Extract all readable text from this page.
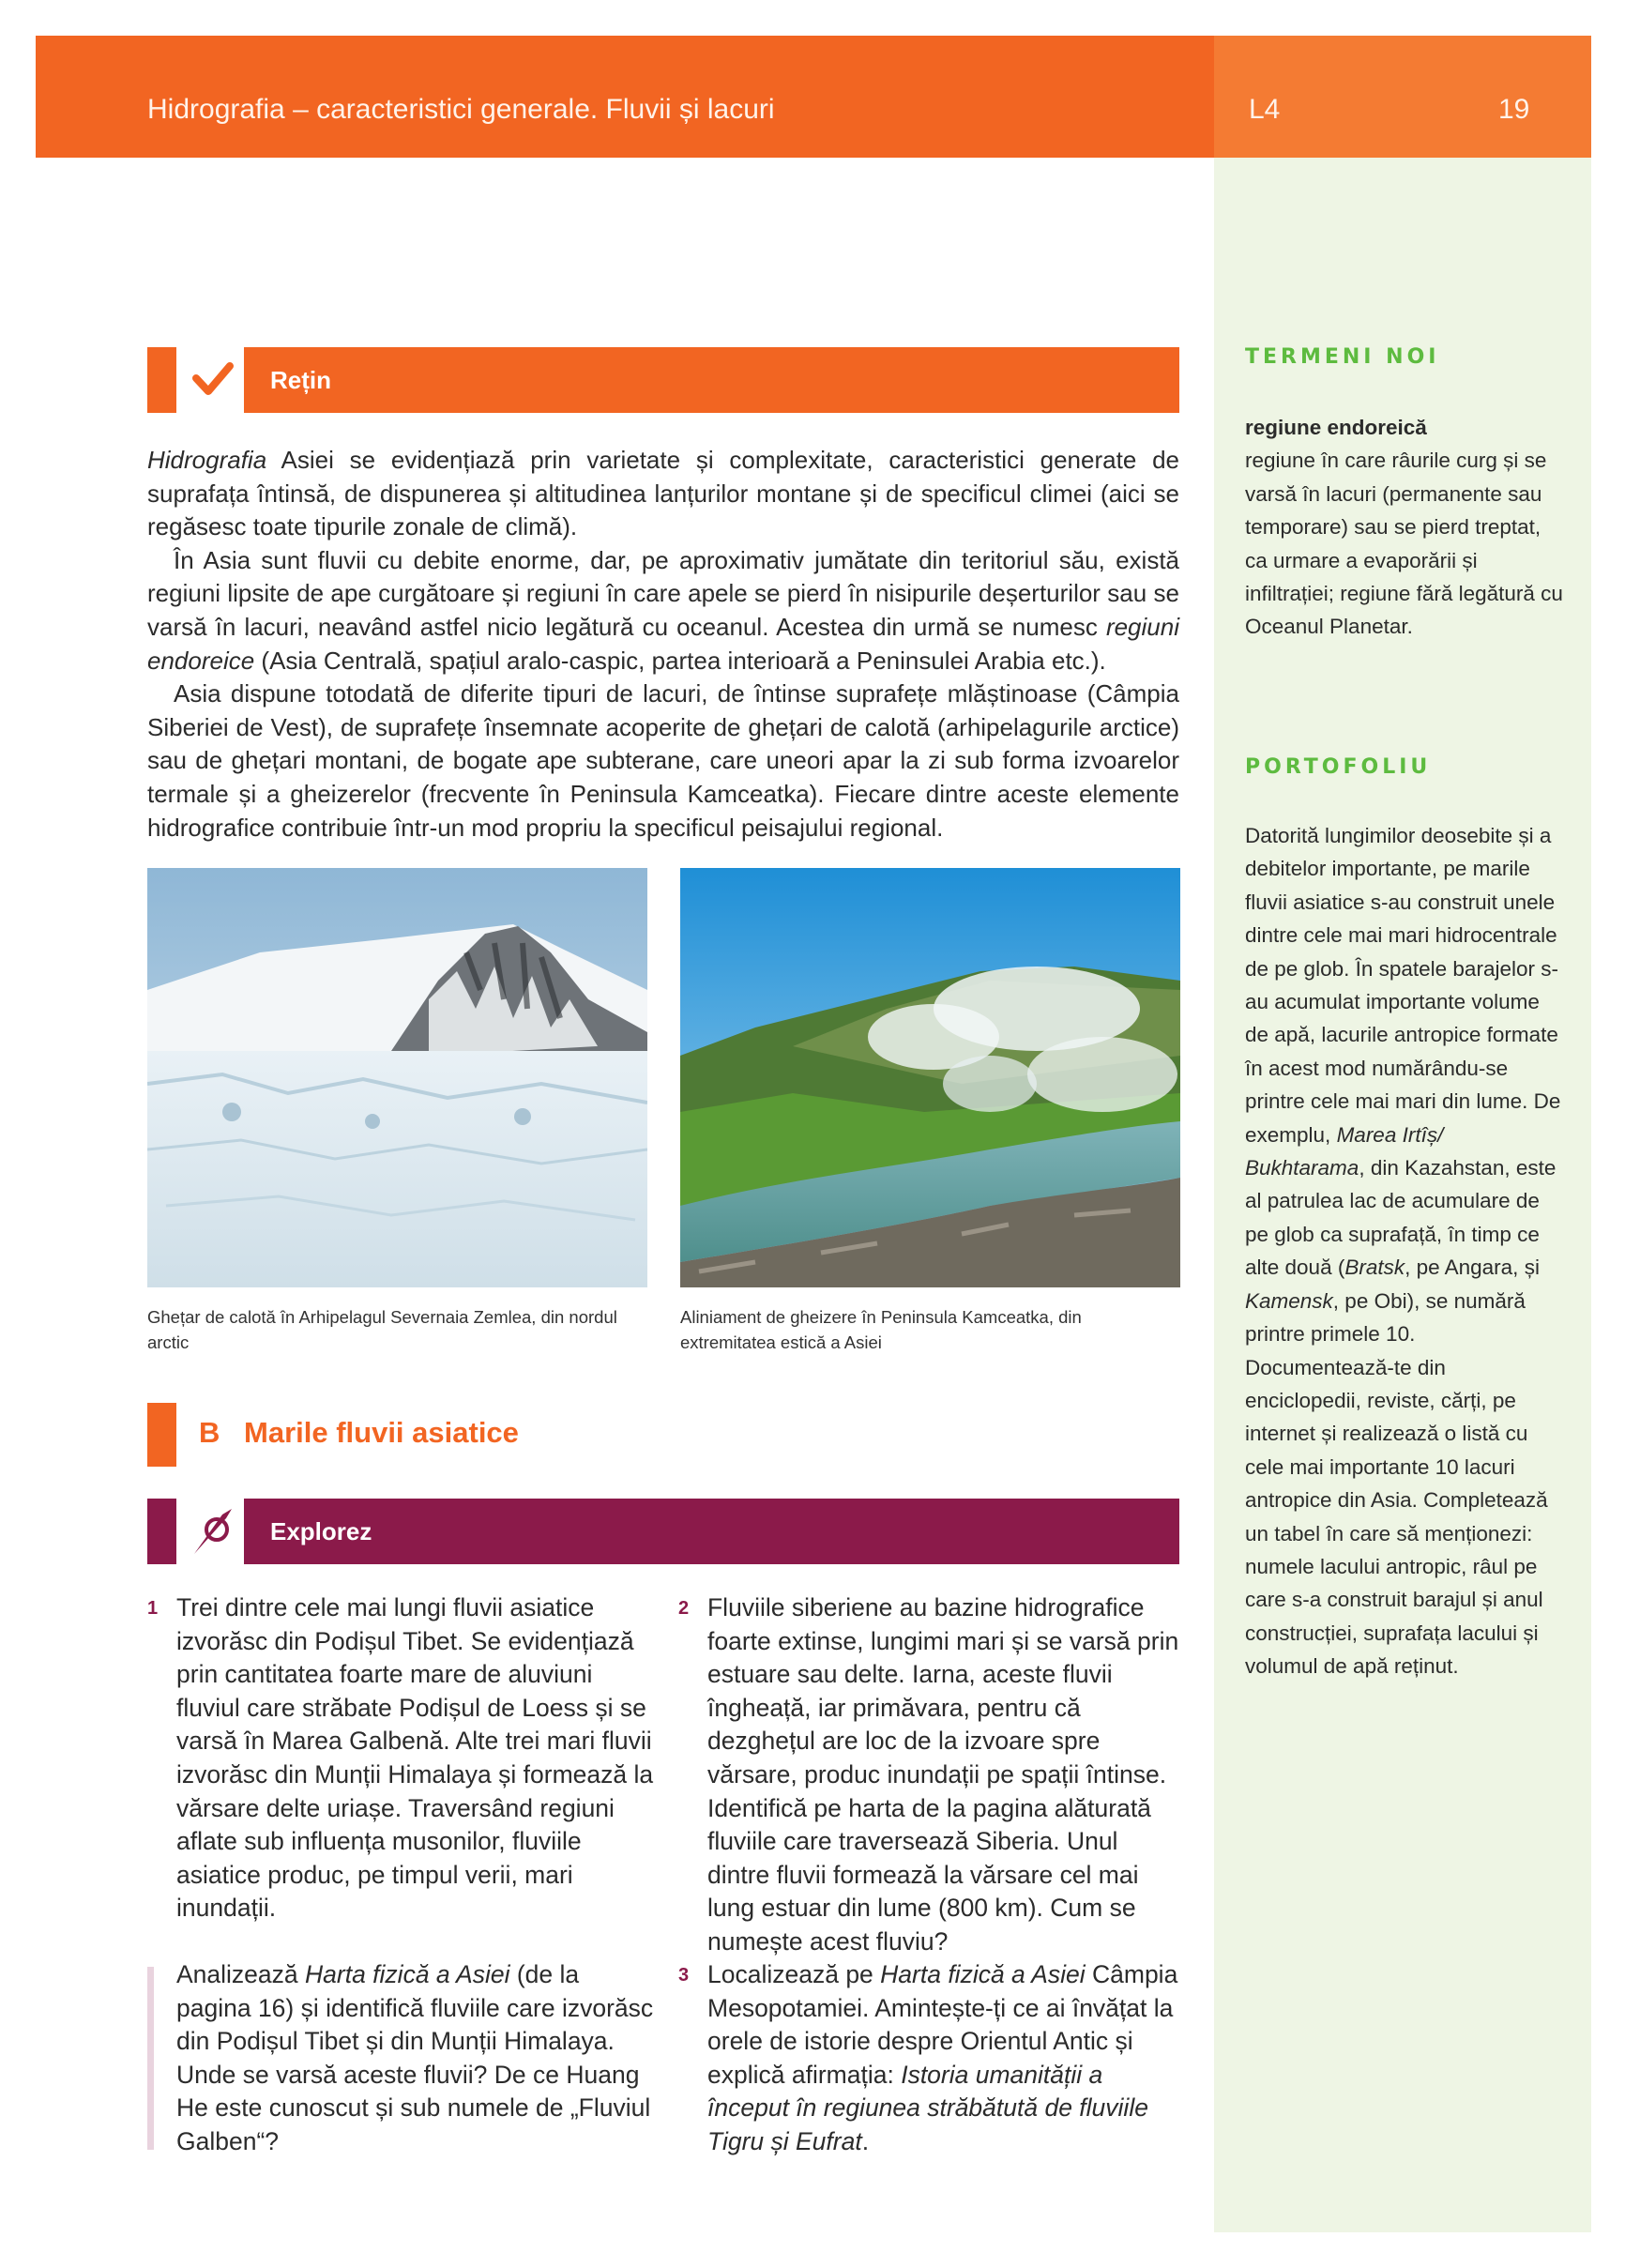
Hidrografia – caracteristici generale. Fluvii și lacuri	L4	19
TERMENI NOI
regiune endoreică
regiune în care râurile curg și se varsă în lacuri (permanente sau temporare) sau se pierd treptat, ca urmare a evaporării și infiltrației; regiune fără legătură cu Oceanul Planetar.
PORTOFOLIU
Datorită lungimilor deosebite și a debitelor importante, pe marile fluvii asiatice s-au construit unele dintre cele mai mari hidrocentrale de pe glob. În spatele barajelor s-au acumulat importante volume de apă, lacurile antropice formate în acest mod numărându-se printre cele mai mari din lume. De exemplu, Marea Irtîș/ Bukhtarama, din Kazahstan, este al patrulea lac de acumulare de pe glob ca suprafață, în timp ce alte două (Bratsk, pe Angara, și Kamensk, pe Obi), se numără printre primele 10. Documentează-te din enciclopedii, reviste, cărți, pe internet și realizează o listă cu cele mai importante 10 lacuri antropice din Asia. Completează un tabel în care să menționezi: numele lacului antropic, râul pe care s-a construit barajul și anul construcției, suprafața lacului și volumul de apă reținut.
Rețin

Hidrografia Asiei se evidențiază prin varietate și complexitate, caracteristici generate de suprafața întinsă, de dispunerea și altitudinea lanțurilor montane și de specificul climei (aici se regăsesc toate tipurile zonale de climă).

În Asia sunt fluvii cu debite enorme, dar, pe aproximativ jumătate din teritoriul său, există regiuni lipsite de ape curgătoare și regiuni în care apele se pierd în nisipurile deșerturilor sau se varsă în lacuri, neavând astfel nicio legătură cu oceanul. Acestea din urmă se numesc regiuni endoreice (Asia Centrală, spațiul aralo-caspic, partea interioară a Peninsulei Arabia etc.).

Asia dispune totodată de diferite tipuri de lacuri, de întinse suprafețe mlăștinoase (Câmpia Siberiei de Vest), de suprafețe însemnate acoperite de ghețari de calotă (arhipelagurile arctice) sau de ghețari montani, de bogate ape subterane, care uneori apar la zi sub forma izvoarelor termale și a gheizerelor (frecvente în Peninsula Kamceatka). Fiecare dintre aceste elemente hidrografice contribuie într-un mod propriu la specificul peisajului regional.

Ghețar de calotă în Arhipelagul Severnaia Zemlea, din nordul arctic
Aliniament de gheizere în Peninsula Kamceatka, din extremitatea estică a Asiei
B Marile fluvii asiatice
Explorez
1 Trei dintre cele mai lungi fluvii asiatice izvorăsc din Podișul Tibet. Se evidențiază prin cantitatea foarte mare de aluviuni fluviul care străbate Podișul de Loess și se varsă în Marea Galbenă. Alte trei mari fluvii izvorăsc din Munții Himalaya și formează la vărsare delte uriașe. Traversând regiuni aflate sub influența musonilor, fluviile asiatice produc, pe timpul verii, mari inundații.
Analizează Harta fizică a Asiei (de la pagina 16) și identifică fluviile care izvorăsc din Podișul Tibet și din Munții Himalaya. Unde se varsă aceste fluvii? De ce Huang He este cunoscut și sub numele de „Fluviul Galben“?
2 Fluviile siberiene au bazine hidrografice foarte extinse, lungimi mari și se varsă prin estuare sau delte. Iarna, aceste fluvii îngheață, iar primăvara, pentru că dezghețul are loc de la izvoare spre vărsare, produc inundații pe spații întinse. Identifică pe harta de la pagina alăturată fluviile care traversează Siberia. Unul dintre fluvii formează la vărsare cel mai lung estuar din lume (800 km). Cum se numește acest fluviu?
3 Localizează pe Harta fizică a Asiei Câmpia Mesopotamiei. Amintește-ți ce ai învățat la orele de istorie despre Orientul Antic și explică afirmația: Istoria umanității a început în regiunea străbătută de fluviile Tigru și Eufrat.
